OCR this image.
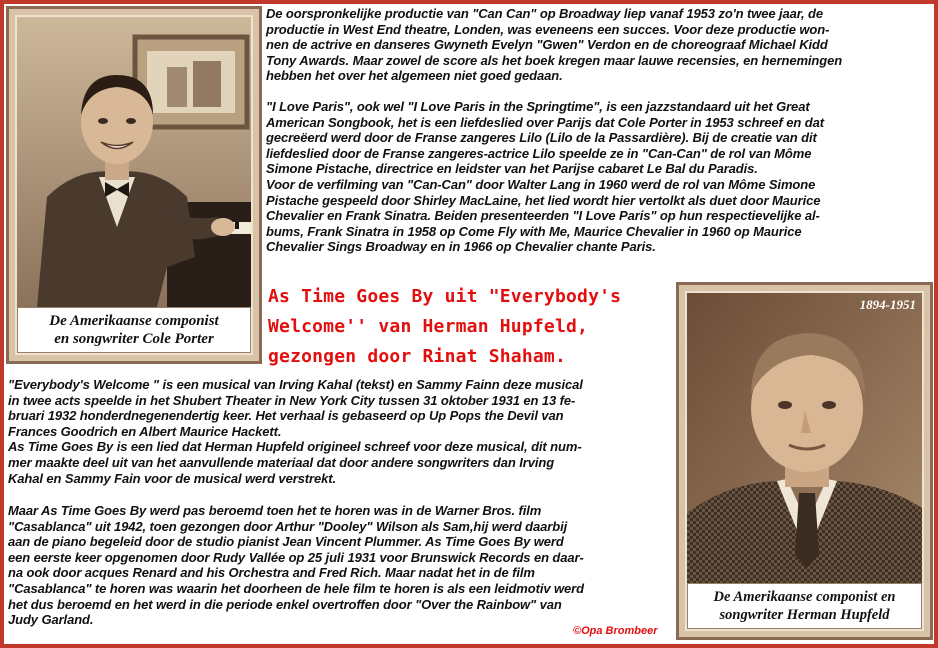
De Amerikaanse componist
en songwriter Cole Porter

De oorspronkelijke productie van "Can Can" op Broadway liep vanaf 1953 zo'n twee jaar, de
productie in West End theatre, Londen, was eveneens een succes. Voor deze productie won-
nen de actrive en danseres Gwyneth Evelyn "Gwen" Verdon en de choreograaf Michael Kidd
Tony Awards. Maar zowel de score als het boek kregen maar lauwe recensies, en hernemingen
hebben het over het algemeen niet goed gedaan.

"I Love Paris", ook wel "I Love Paris in the Springtime", is een jazzstandaard uit het Great
American Songbook, het is een liefdeslied over Parijs dat Cole Porter in 1953 schreef en dat
gecreëerd werd door de Franse zangeres Lilo (Lilo de la Passardière). Bij de creatie van dit
liefdeslied door de Franse zangeres-actrice Lilo speelde ze in "Can-Can" de rol van Môme
Simone Pistache, directrice en leidster van het Parijse cabaret Le Bal du Paradis.
Voor de verfilming van "Can-Can" door Walter Lang in 1960 werd de rol van Môme Simone
Pistache gespeeld door Shirley MacLaine, het lied wordt hier vertolkt als duet door Maurice
Chevalier en Frank Sinatra. Beiden presenteerden "I Love Paris" op hun respectievelijke al-
bums, Frank Sinatra in 1958 op Come Fly with Me, Maurice Chevalier in 1960 op Maurice
Chevalier Sings Broadway en in 1966 op Chevalier chante Paris.

As Time Goes By uit "Everybody's
Welcome'' van Herman Hupfeld,
gezongen door Rinat Shaham.
1894-1951
De Amerikaanse componist en
songwriter Herman Hupfeld

"Everybody's Welcome " is een musical van Irving Kahal (tekst) en Sammy Fainn deze musical
in twee acts speelde in het Shubert Theater in New York City tussen 31 oktober 1931 en 13 fe-
bruari 1932 honderdnegenendertig keer. Het verhaal is gebaseerd op Up Pops the Devil van
Frances Goodrich en Albert Maurice Hackett.
As Time Goes By is een lied dat Herman Hupfeld origineel schreef voor deze musical, dit num-
mer maakte deel uit van het aanvullende materiaal dat door andere songwriters dan Irving
Kahal en Sammy Fain voor de musical werd verstrekt.

Maar As Time Goes By werd pas beroemd toen het te horen was in de Warner Bros. film
"Casablanca" uit 1942, toen gezongen door Arthur "Dooley" Wilson als Sam,hij werd daarbij
aan de piano begeleid door de studio pianist Jean Vincent Plummer. As Time Goes By werd
een eerste keer opgenomen door Rudy Vallée op 25 juli 1931 voor Brunswick Records en daar-
na ook door acques Renard and his Orchestra and Fred Rich. Maar nadat het in de film
"Casablanca" te horen was waarin het doorheen de hele film te horen is als een leidmotiv werd
het dus beroemd en het werd in die periode enkel overtroffen door "Over the Rainbow" van
Judy Garland.

©Opa Brombeer
